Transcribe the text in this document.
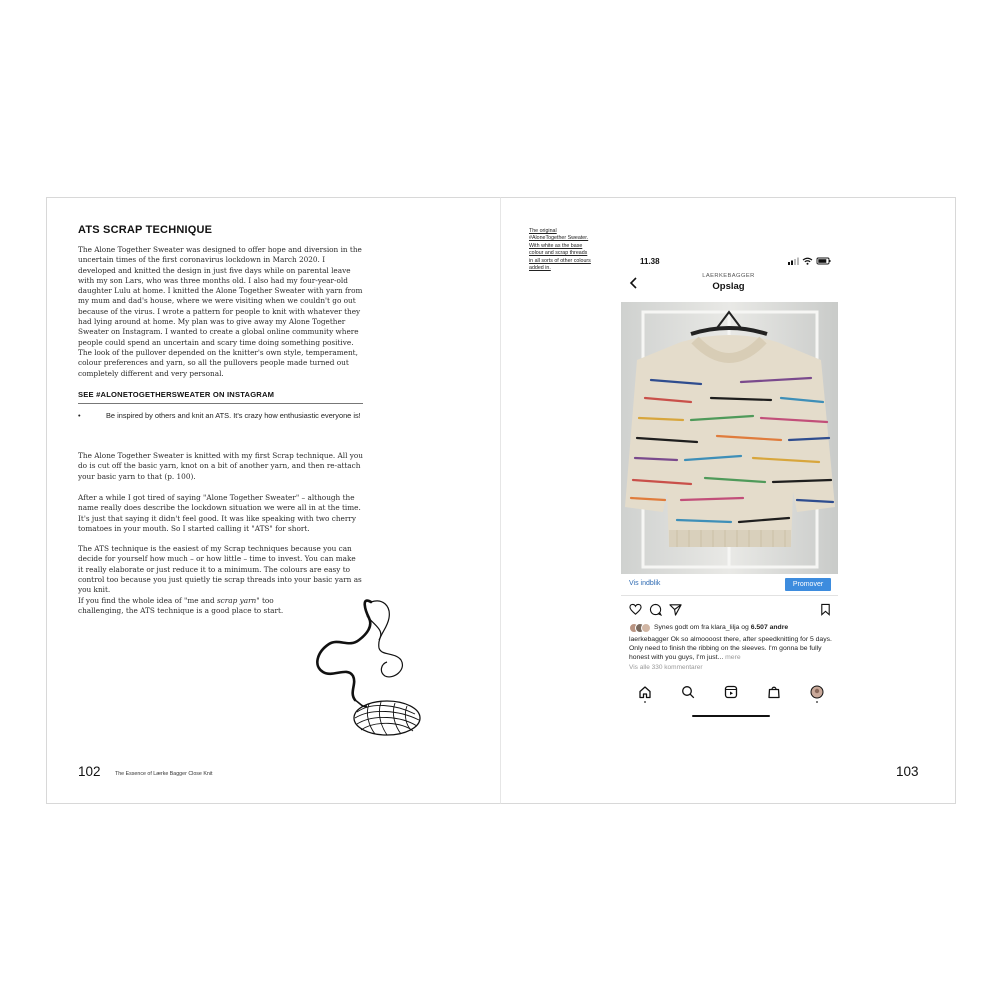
ATS SCRAP TECHNIQUE

The Alone Together Sweater was designed to offer hope and diversion in the uncertain times of the first coronavirus lockdown in March 2020. I developed and knitted the design in just five days while on parental leave with my son Lars, who was three months old. I also had my four-year-old daughter Lulu at home. I knitted the Alone Together Sweater with yarn from my mum and dad's house, where we were visiting when we couldn't go out because of the virus. I wrote a pattern for people to knit with whatever they had lying around at home. My plan was to give away my Alone Together Sweater on Instagram. I wanted to create a global online community where people could spend an uncertain and scary time doing something positive. The look of the pullover depended on the knitter's own style, temperament, colour preferences and yarn, so all the pullovers people made turned out completely different and very personal.

SEE #ALONETOGETHERSWEATER ON INSTAGRAM
•	Be inspired by others and knit an ATS. It's crazy how enthusiastic everyone is!

The Alone Together Sweater is knitted with my first Scrap technique. All you do is cut off the basic yarn, knot on a bit of another yarn, and then re-attach your basic yarn to that (p. 100).

After a while I got tired of saying "Alone Together Sweater" – although the name really does describe the lockdown situation we were all in at the time. It's just that saying it didn't feel good. It was like speaking with two cherry tomatoes in your mouth. So I started calling it "ATS" for short.

The ATS technique is the easiest of my Scrap techniques because you can decide for yourself how much – or how little – time to invest. You can make it really elaborate or just reduce it to a minimum. The colours are easy to control too because you just quietly tie scrap threads into your basic yarn as you knit.

If you find the whole idea of "me and scrap yarn" too challenging, the ATS technique is a good place to start.

102	The Essence of Lærke Bagger Close Knit
The original #AloneTogether Sweater. With white as the base colour and scrap threads in all sorts of other colours added in.
11.38
LAERKEBAGGER
Opslag
Vis indblik	Promover
Synes godt om fra klara_lilja og 6.507 andre
laerkebagger Ok so almoooost there, after speedknitting for 5 days. Only need to finish the ribbing on the sleeves. I'm gonna be fully honest with you guys, I'm just... mere
Vis alle 330 kommentarer
103
